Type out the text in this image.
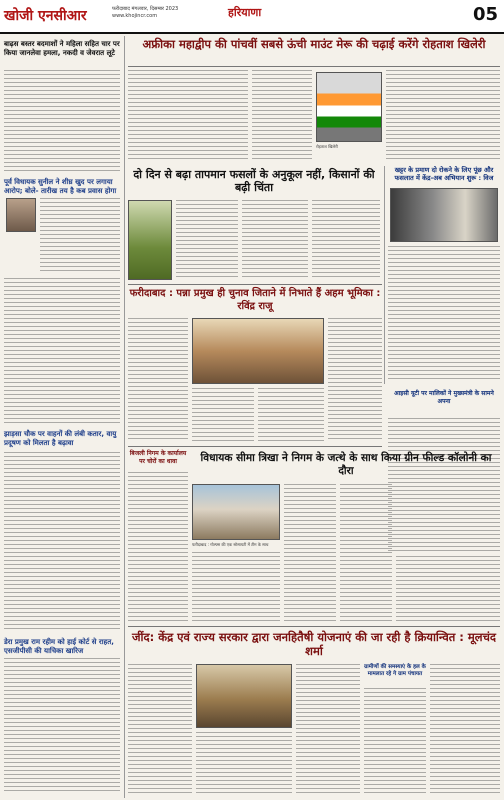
खोजी एनसीआर	फरीदाबाद मंगलवार, दिसम्बर 2023
www.khojincr.com	हरियाणा	05
बाढ़स बस्तर बदमाशों ने महिला सहित चार पर किया जानलेवा हमला, नकदी व जेवरात लूटे
पूर्व विधायक सुनील ने शीघ्र खुद पर लगाया आरोप; बोले- तारीख तय है कब प्रवास होगा
झाड़सा चौक पर वाहनों की लंबी कतार, वायु प्रदूषण को मिलता है बढ़ावा
डेरा प्रमुख राम रहीम को हाई कोर्ट से राहत, एसजीपीसी की याचिका खारिज
अफ्रीका महाद्वीप की पांचवीं सबसे ऊंची माउंट मेरू की चढ़ाई करेंगे रोहताश खिलेरी
रोहताश खिलेरी
दो दिन से बढ़ा तापमान फसलों के अनुकूल नहीं, किसानों की बढ़ी चिंता
खट्टर के प्रमाण दो रोकने के लिए पूंछ और फसलात में केंद्र-अब अभियान शुरू : विज
फरीदाबाद : पन्ना प्रमुख ही चुनाव जिताने में निभाते हैं अहम भूमिका : रविंद्र राजू
आइसी यूटी पर मालिकों ने मुख्यमंत्री के सामने अपना
बिजली निगम के कार्यालय पर चोरों का धावा	विधायक सीमा त्रिखा ने निगम के जत्थे के साथ किया ग्रीन फील्ड कॉलोनी का दौरा
फरीदाबाद : गोल्फ्स की एक सोसायटी में टीम के साथ
जींद: केंद्र एवं राज्य सरकार द्वारा जनहितैषी योजनाएं की जा रही है क्रियान्वित : मूलचंद शर्मा
ग्रामीणों की समस्याएं के हल के मामलात रहे गे ग्राम पंचायत
